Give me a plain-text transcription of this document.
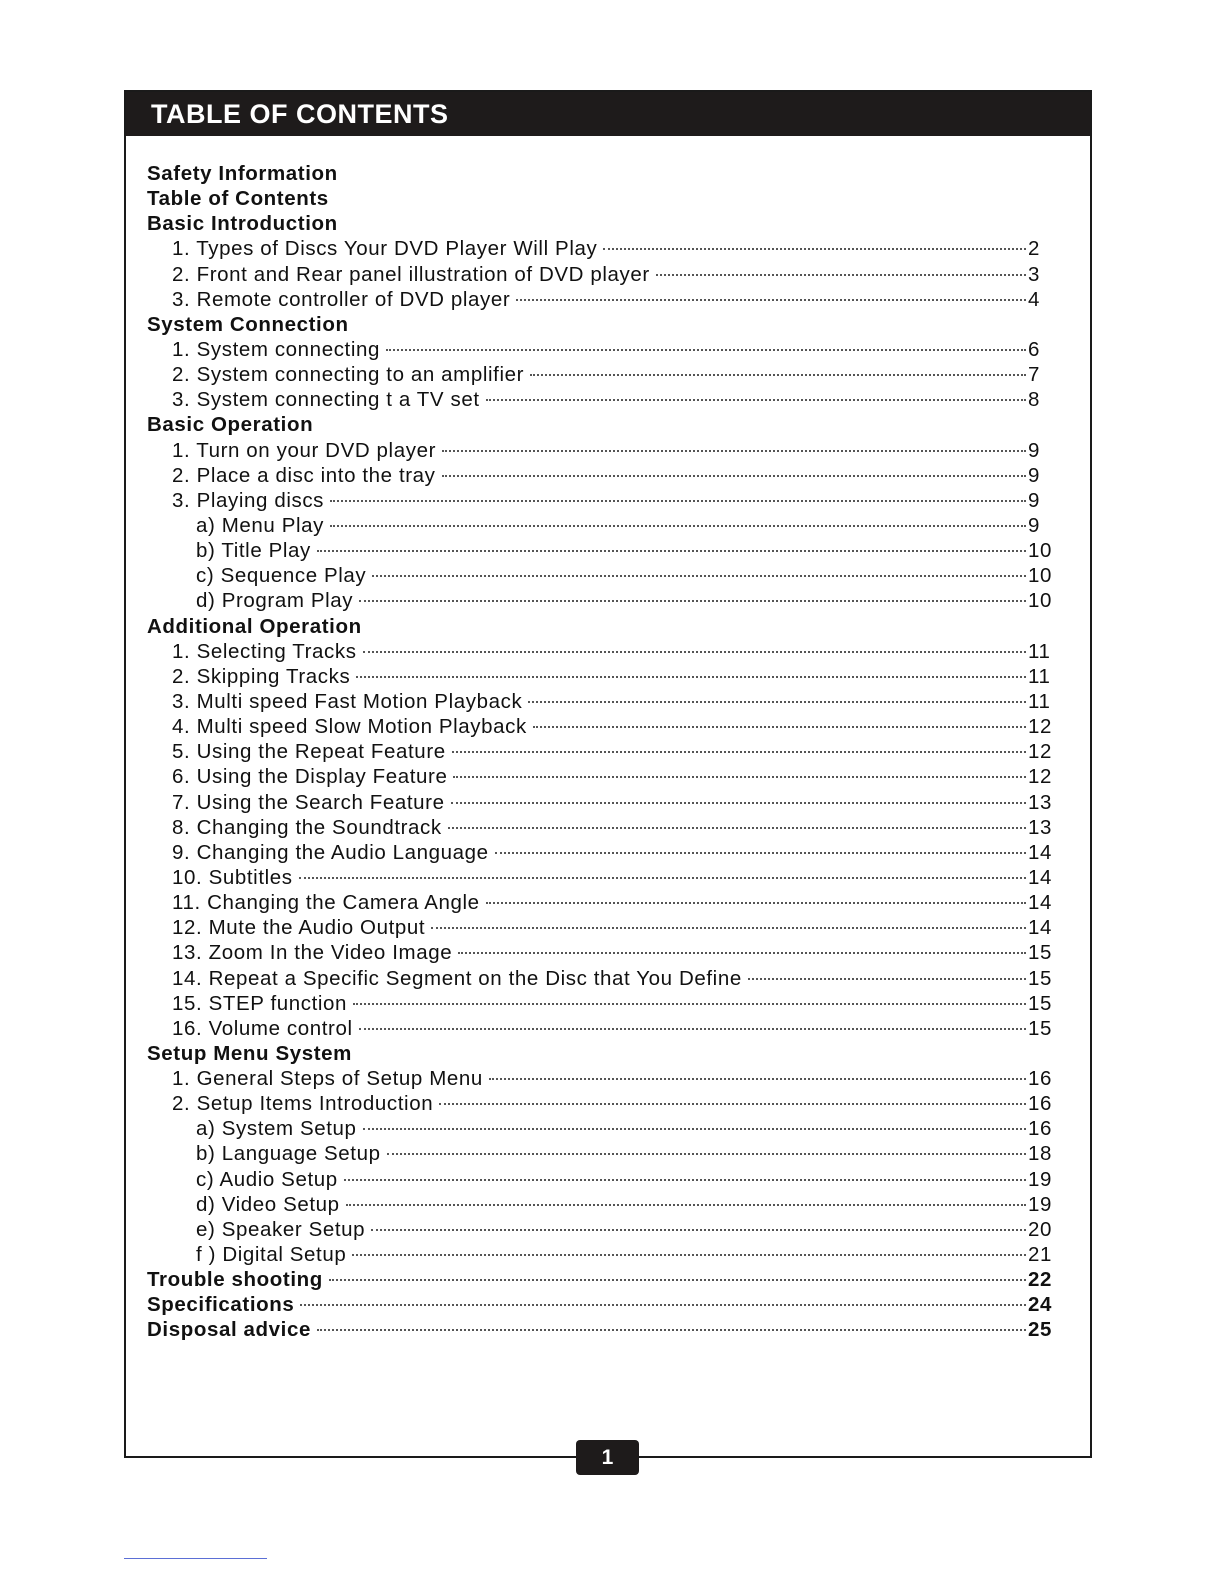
TABLE OF CONTENTS
Safety Information
Table of Contents
Basic Introduction
1. Types of Discs Your DVD Player Will Play	2
2. Front and Rear panel illustration of DVD player	3
3. Remote controller of DVD player	4
System Connection
1. System connecting	6
2. System connecting to an amplifier	7
3. System connecting t a TV set	8
Basic Operation
1. Turn on your DVD player	9
2. Place a disc into the tray	9
3. Playing discs	9
a) Menu Play	9
b) Title Play	10
c) Sequence Play	10
d) Program Play	10
Additional Operation
1. Selecting Tracks	11
2. Skipping Tracks	11
3. Multi speed Fast Motion Playback	11
4. Multi speed Slow Motion Playback	12
5. Using the Repeat Feature	12
6. Using the Display Feature	12
7. Using the Search Feature	13
8. Changing the Soundtrack	13
9. Changing the Audio Language	14
10. Subtitles	14
11. Changing the Camera Angle	14
12. Mute the Audio Output	14
13. Zoom In the Video Image	15
14. Repeat a Specific Segment on the Disc that You Define	15
15. STEP function	15
16. Volume control	15
Setup Menu System
1. General Steps of Setup Menu	16
2. Setup Items Introduction	16
a) System Setup	16
b) Language Setup	18
c) Audio Setup	19
d) Video Setup	19
e) Speaker Setup	20
f ) Digital Setup	21
Trouble shooting	22
Specifications	24
Disposal advice	25
1
